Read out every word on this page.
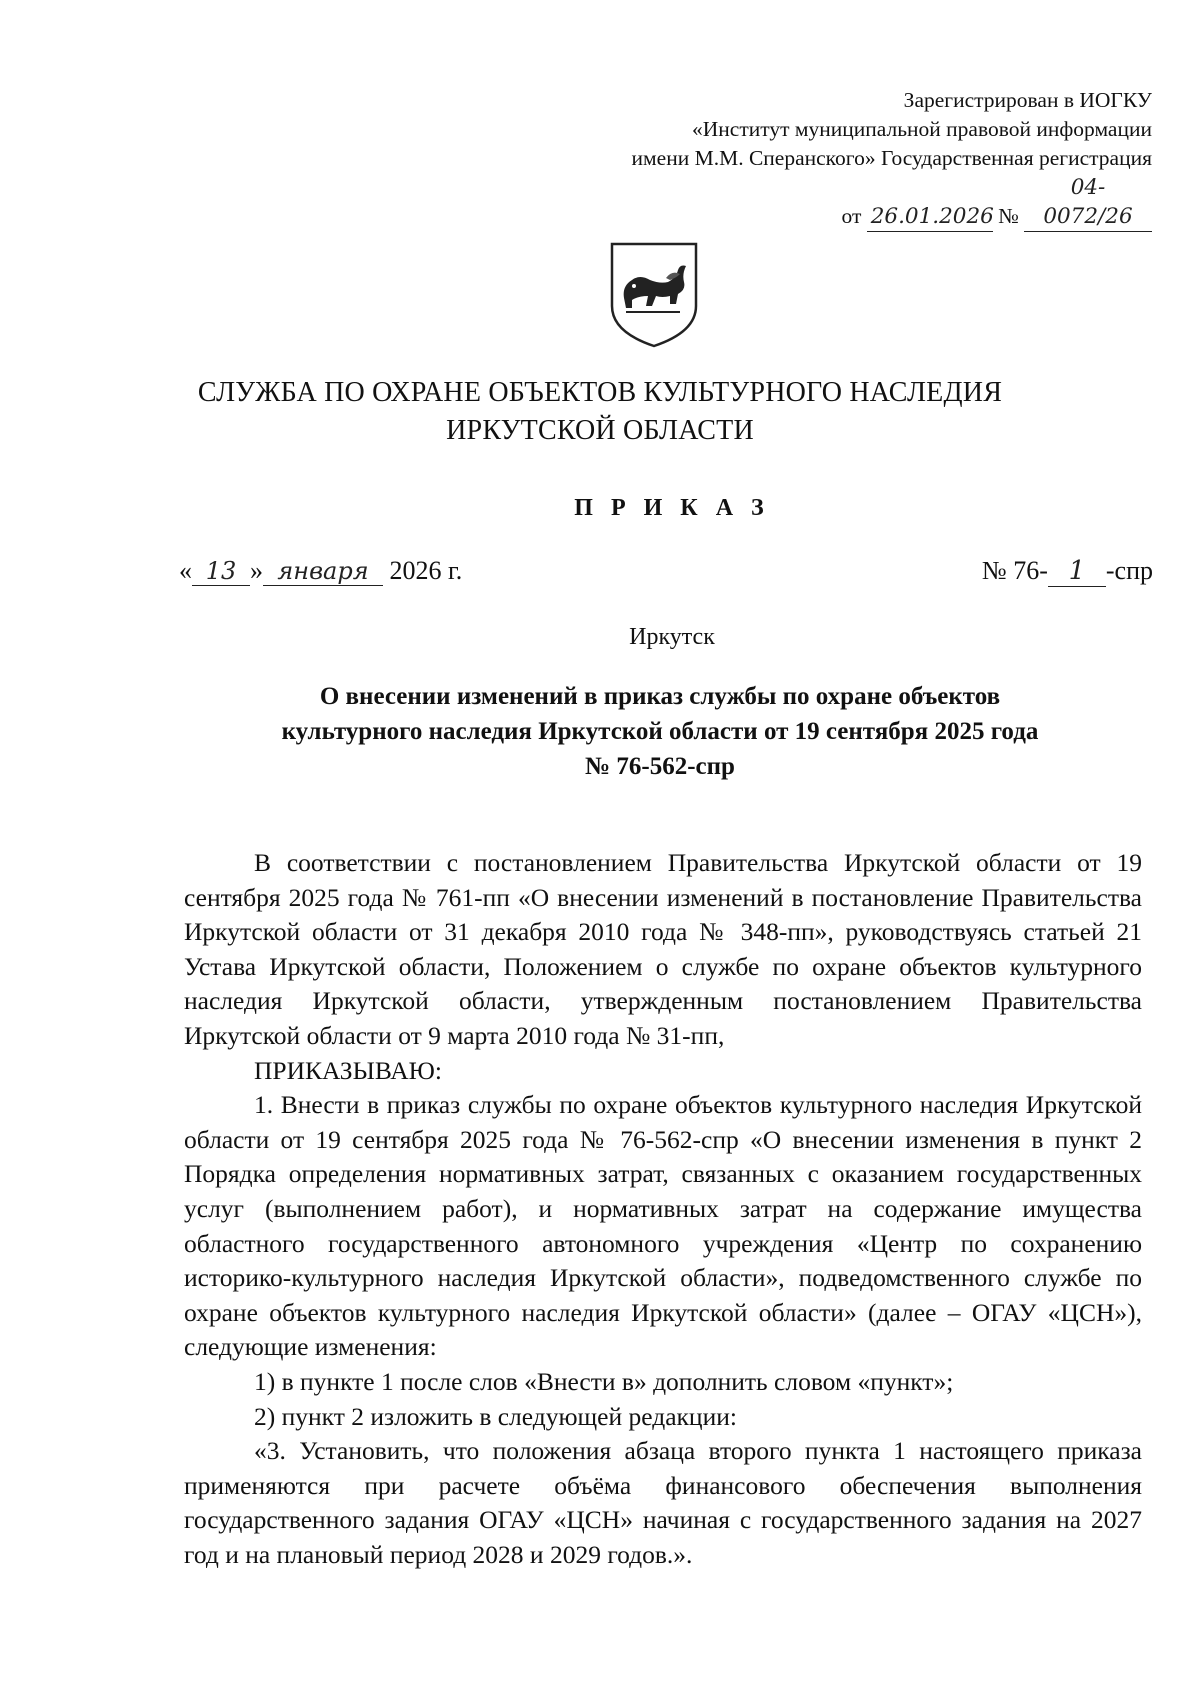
Зарегистрирован в ИОГКУ
«Институт муниципальной правовой информации
имени М.М. Сперанского» Государственная регистрация
от 26.01.2026 № 04-0072/26
СЛУЖБА ПО ОХРАНЕ ОБЪЕКТОВ КУЛЬТУРНОГО НАСЛЕДИЯ
ИРКУТСКОЙ ОБЛАСТИ
П Р И К А З
« 13 » января 2026 г.	№ 76- 1 -спр
Иркутск
О внесении изменений в приказ службы по охране объектов
культурного наследия Иркутской области от 19 сентября 2025 года
№ 76-562-спр

В соответствии с постановлением Правительства Иркутской области от 19 сентября 2025 года № 761-пп «О внесении изменений в постановление Правительства Иркутской области от 31 декабря 2010 года № 348-пп», руководствуясь статьей 21 Устава Иркутской области, Положением о службе по охране объектов культурного наследия Иркутской области, утвержденным постановлением Правительства Иркутской области от 9 марта 2010 года № 31-пп,

ПРИКАЗЫВАЮ:

1. Внести в приказ службы по охране объектов культурного наследия Иркутской области от 19 сентября 2025 года № 76-562-спр «О внесении изменения в пункт 2 Порядка определения нормативных затрат, связанных с оказанием государственных услуг (выполнением работ), и нормативных затрат на содержание имущества областного государственного автономного учреждения «Центр по сохранению историко-культурного наследия Иркутской области», подведомственного службе по охране объектов культурного наследия Иркутской области» (далее – ОГАУ «ЦСН»), следующие изменения:

1) в пункте 1 после слов «Внести в» дополнить словом «пункт»;

2) пункт 2 изложить в следующей редакции:

«3. Установить, что положения абзаца второго пункта 1 настоящего приказа применяются при расчете объёма финансового обеспечения выполнения государственного задания ОГАУ «ЦСН» начиная с государственного задания на 2027 год и на плановый период 2028 и 2029 годов.».
